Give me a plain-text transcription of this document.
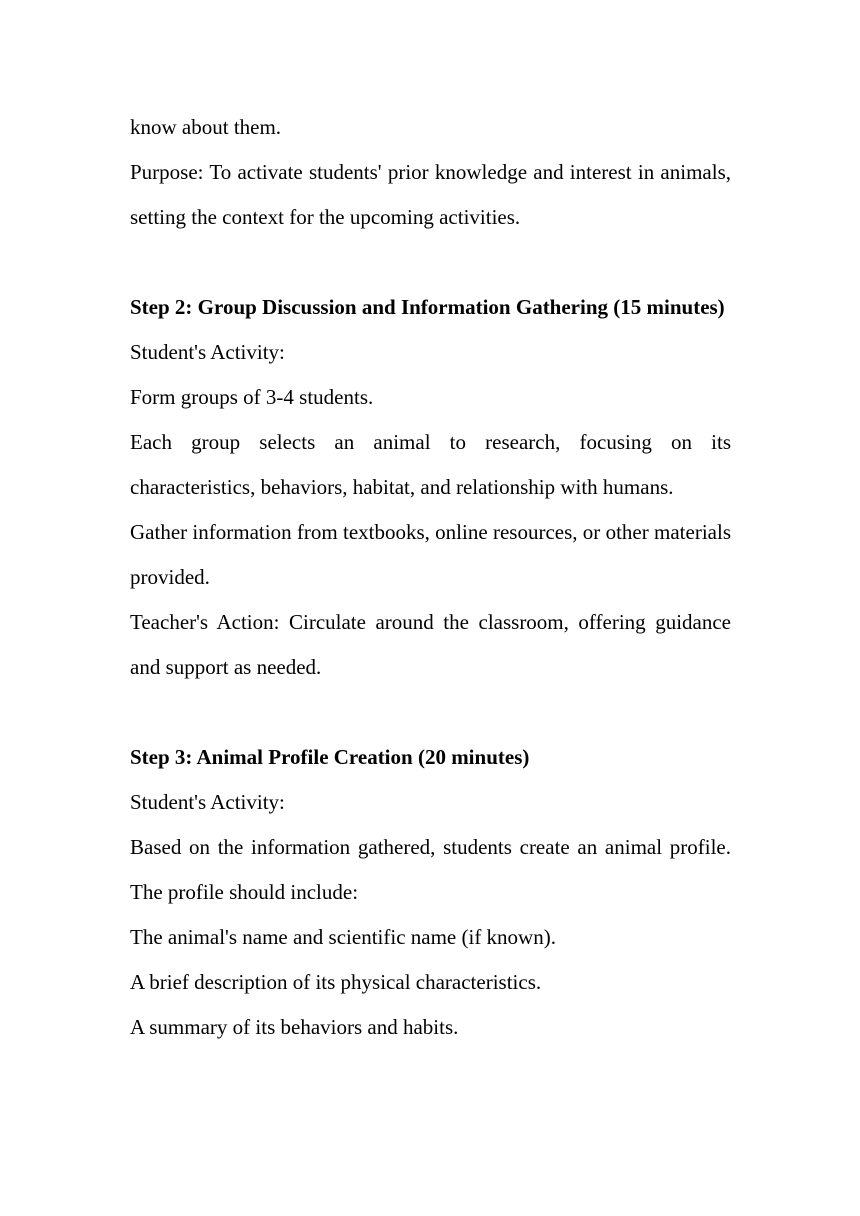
know about them.

Purpose: To activate students' prior knowledge and interest in animals, setting the context for the upcoming activities.

Step 2: Group Discussion and Information Gathering (15 minutes)

Student's Activity:

Form groups of 3-4 students.

Each group selects an animal to research, focusing on its characteristics, behaviors, habitat, and relationship with humans.

Gather information from textbooks, online resources, or other materials provided.

Teacher's Action: Circulate around the classroom, offering guidance and support as needed.

Step 3: Animal Profile Creation (20 minutes)

Student's Activity:

Based on the information gathered, students create an animal profile. The profile should include:

The animal's name and scientific name (if known).

A brief description of its physical characteristics.

A summary of its behaviors and habits.
